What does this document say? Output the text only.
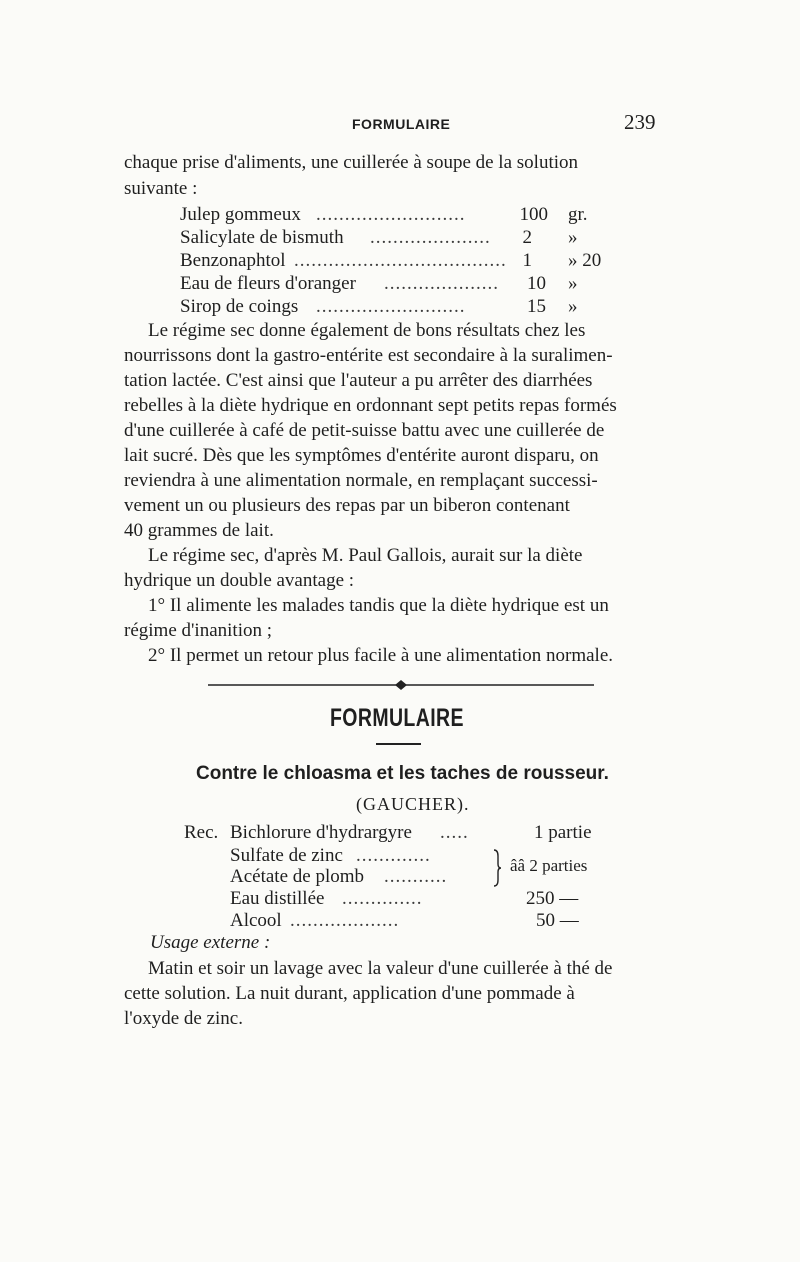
FORMULAIRE	239
chaque prise d'aliments, une cuillerée à soupe de la solution
suivante :
Julep gommeux ..........................	100 gr.
Salicylate de bismuth .....................	2 »
Benzonaphtol ..................................... 1 » 20
Eau de fleurs d'oranger ....................	10 »
Sirop de coings ..........................	15 »
Le régime sec donne également de bons résultats chez les
nourrissons dont la gastro-entérite est secondaire à la suralimen-
tation lactée. C'est ainsi que l'auteur a pu arrêter des diarrhées
rebelles à la diète hydrique en ordonnant sept petits repas formés
d'une cuillerée à café de petit-suisse battu avec une cuillerée de
lait sucré. Dès que les symptômes d'entérite auront disparu, on
reviendra à une alimentation normale, en remplaçant successi-
vement un ou plusieurs des repas par un biberon contenant
40 grammes de lait.
Le régime sec, d'après M. Paul Gallois, aurait sur la diète
hydrique un double avantage :
1° Il alimente les malades tandis que la diète hydrique est un
régime d'inanition ;
2° Il permet un retour plus facile à une alimentation normale.
FORMULAIRE
Contre le chloasma et les taches de rousseur.
(GAUCHER).
Rec. Bichlorure d'hydrargyre .....	1 partie
Sulfate de zinc .............
Acétate de plomb ...........
ââ 2 parties
Eau distillée ..............	250 —
Alcool ...................	50 —
Usage externe :
Matin et soir un lavage avec la valeur d'une cuillerée à thé de
cette solution. La nuit durant, application d'une pommade à
l'oxyde de zinc.
